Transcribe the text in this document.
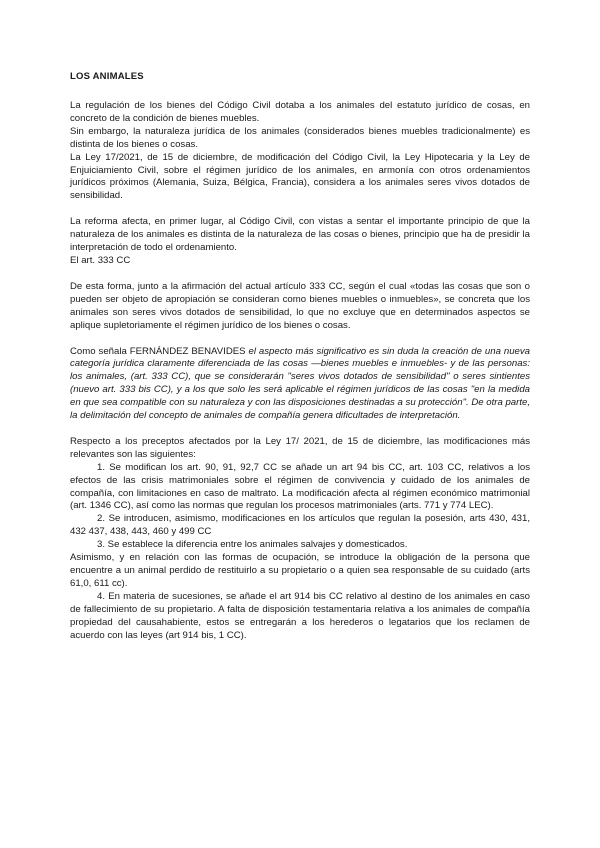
LOS ANIMALES

La regulación de los bienes del Código Civil dotaba a los animales del estatuto jurídico de cosas, en concreto de la condición de bienes muebles.

Sin embargo, la naturaleza jurídica de los animales (considerados bienes muebles tradicionalmente) es distinta de los bienes o cosas.

La Ley 17/2021, de 15 de diciembre, de modificación del Código Civil, la Ley Hipotecaria y la Ley de Enjuiciamiento Civil, sobre el régimen jurídico de los animales, en armonía con otros ordenamientos jurídicos próximos (Alemania, Suiza, Bélgica, Francia), considera a los animales seres vivos dotados de sensibilidad.

La reforma afecta, en primer lugar, al Código Civil, con vistas a sentar el importante principio de que la naturaleza de los animales es distinta de la naturaleza de las cosas o bienes, principio que ha de presidir la interpretación de todo el ordenamiento.

El art. 333 CC

De esta forma, junto a la afirmación del actual artículo 333 CC, según el cual «todas las cosas que son o pueden ser objeto de apropiación se consideran como bienes muebles o inmuebles», se concreta que los animales son seres vivos dotados de sensibilidad, lo que no excluye que en determinados aspectos se aplique supletoriamente el régimen jurídico de los bienes o cosas.

Como señala FERNÁNDEZ BENAVIDES el aspecto más significativo es sin duda la creación de una nueva categoría jurídica claramente diferenciada de las cosas —bienes muebles e inmuebles- y de las personas: los animales, (art. 333 CC), que se considerarán "seres vivos dotados de sensibilidad" o seres sintientes (nuevo art. 333 bis CC), y a los que solo les será aplicable el régimen jurídicos de las cosas "en la medida en que sea compatible con su naturaleza y con las disposiciones destinadas a su protección". De otra parte, la delimitación del concepto de animales de compañía genera dificultades de interpretación.

Respecto a los preceptos afectados por la Ley 17/ 2021, de 15 de diciembre, las modificaciones más relevantes son las siguientes:

1. Se modifican los art. 90, 91, 92,7 CC se añade un art 94 bis CC, art. 103 CC, relativos a los efectos de las crisis matrimoniales sobre el régimen de convivencia y cuidado de los animales de compañía, con limitaciones en caso de maltrato. La modificación afecta al régimen económico matrimonial (art. 1346 CC), así como las normas que regulan los procesos matrimoniales (arts. 771 y 774 LEC).

2. Se introducen, asimismo, modificaciones en los artículos que regulan la posesión, arts 430, 431, 432 437, 438, 443, 460 y 499 CC

3. Se establece la diferencia entre los animales salvajes y domesticados.

Asimismo, y en relación con las formas de ocupación, se introduce la obligación de la persona que encuentre a un animal perdido de restituirlo a su propietario o a quien sea responsable de su cuidado (arts 61,0, 611 cc).

4. En materia de sucesiones, se añade el art 914 bis CC relativo al destino de los animales en caso de fallecimiento de su propietario. A falta de disposición testamentaria relativa a los animales de compañía propiedad del causahabiente, estos se entregarán a los herederos o legatarios que los reclamen de acuerdo con las leyes (art 914 bis, 1 CC).
